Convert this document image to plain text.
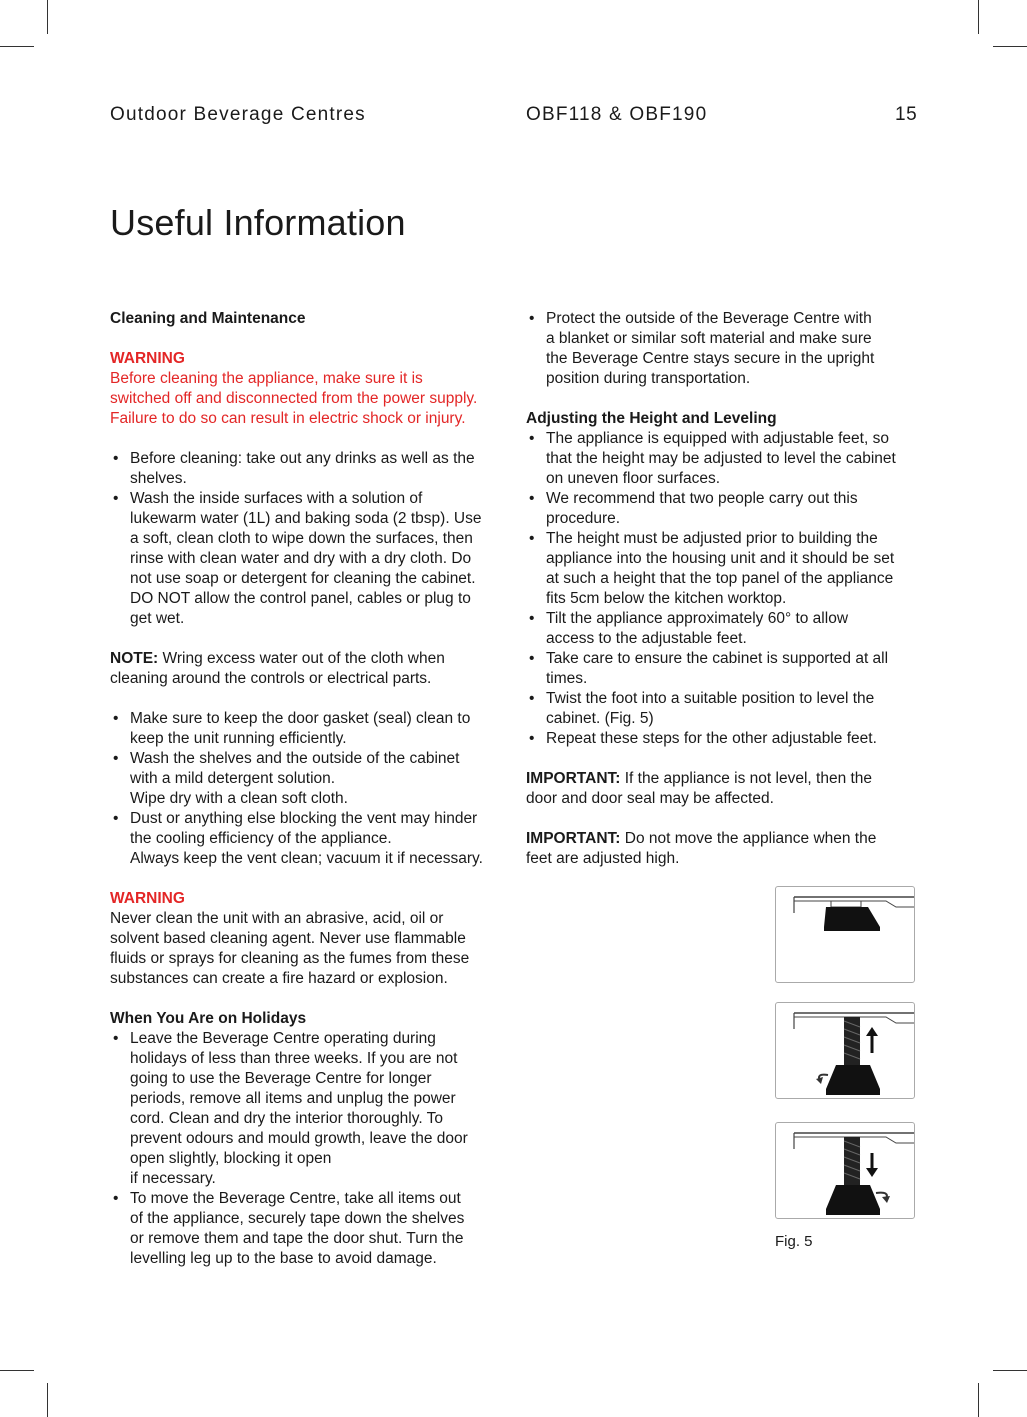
Outdoor Beverage Centres	OBF118 & OBF190	15
Useful Information

Cleaning and Maintenance

WARNING

Before cleaning the appliance, make sure it is
switched off and disconnected from the power supply.
Failure to do so can result in electric shock or injury.

• Before cleaning: take out any drinks as well as the
shelves.
• Wash the inside surfaces with a solution of
lukewarm water (1L) and baking soda (2 tbsp). Use
a soft, clean cloth to wipe down the surfaces, then
rinse with clean water and dry with a dry cloth. Do
not use soap or detergent for cleaning the cabinet.
DO NOT allow the control panel, cables or plug to
get wet.

NOTE: Wring excess water out of the cloth when
cleaning around the controls or electrical parts.

• Make sure to keep the door gasket (seal) clean to
keep the unit running efficiently.
• Wash the shelves and the outside of the cabinet
with a mild detergent solution.
Wipe dry with a clean soft cloth.
• Dust or anything else blocking the vent may hinder
the cooling efficiency of the appliance.
Always keep the vent clean; vacuum it if necessary.

WARNING

Never clean the unit with an abrasive, acid, oil or
solvent based cleaning agent. Never use flammable
fluids or sprays for cleaning as the fumes from these
substances can create a fire hazard or explosion.

When You Are on Holidays

• Leave the Beverage Centre operating during
holidays of less than three weeks. If you are not
going to use the Beverage Centre for longer
periods, remove all items and unplug the power
cord. Clean and dry the interior thoroughly. To
prevent odours and mould growth, leave the door
open slightly, blocking it open
if necessary.
• To move the Beverage Centre, take all items out
of the appliance, securely tape down the shelves
or remove them and tape the door shut. Turn the
levelling leg up to the base to avoid damage.
• Protect the outside of the Beverage Centre with
a blanket or similar soft material and make sure
the Beverage Centre stays secure in the upright
position during transportation.

Adjusting the Height and Leveling

• The appliance is equipped with adjustable feet, so
that the height may be adjusted to level the cabinet
on uneven floor surfaces.
• We recommend that two people carry out this
procedure.
• The height must be adjusted prior to building the
appliance into the housing unit and it should be set
at such a height that the top panel of the appliance
fits 5cm below the kitchen worktop.
• Tilt the appliance approximately 60° to allow
access to the adjustable feet.
• Take care to ensure the cabinet is supported at all
times.
• Twist the foot into a suitable position to level the
cabinet. (Fig. 5)
• Repeat these steps for the other adjustable feet.

IMPORTANT: If the appliance is not level, then the
door and door seal may be affected.

IMPORTANT: Do not move the appliance when the
feet are adjusted high.

Fig. 5
